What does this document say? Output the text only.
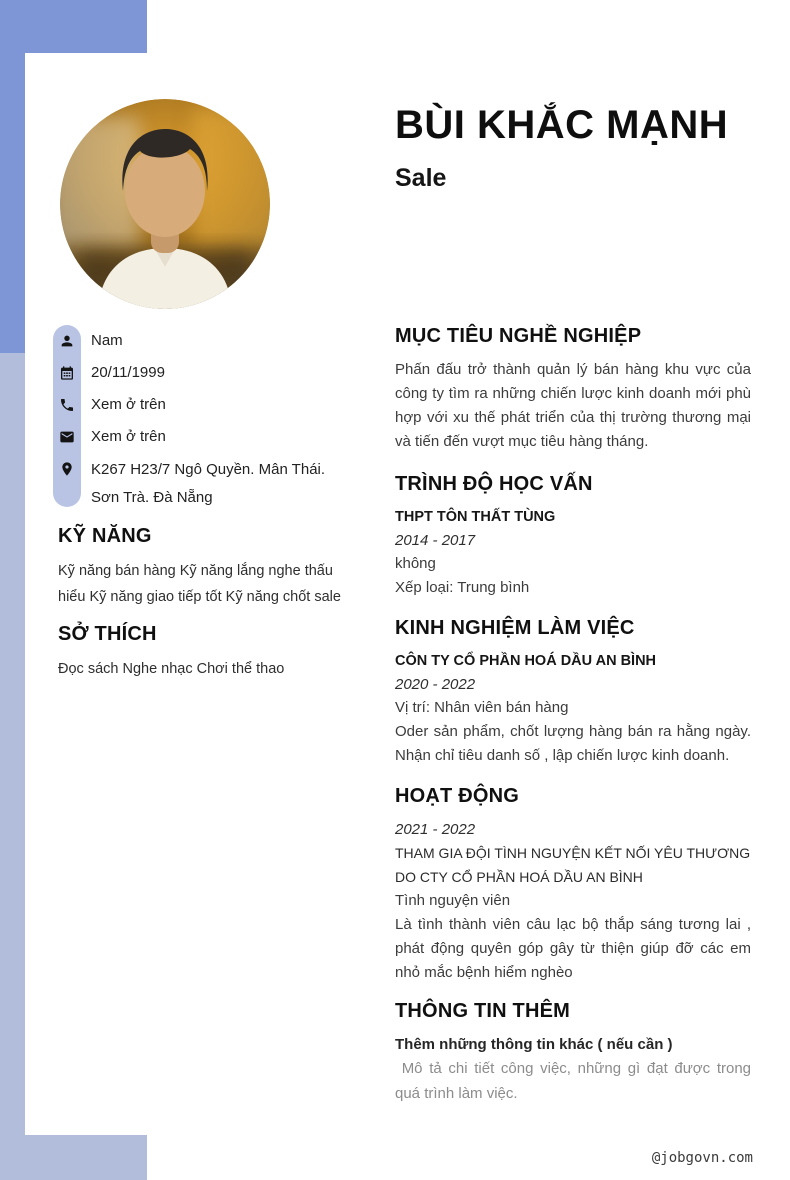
BÙI KHẮC MẠNH
Sale
Nam
20/11/1999
Xem ở trên
Xem ở trên
K267 H23/7 Ngô Quyền. Mân Thái. Sơn Trà. Đà Nẵng
KỸ NĂNG
Kỹ năng bán hàng Kỹ năng lắng nghe thấu hiểu Kỹ năng giao tiếp tốt Kỹ năng chốt sale
SỞ THÍCH
Đọc sách Nghe nhạc Chơi thể thao
MỤC TIÊU NGHỀ NGHIỆP
Phấn đấu trở thành quản lý bán hàng khu vực của công ty tìm ra những chiến lược kinh doanh mới phù hợp với xu thế phát triển của thị trường thương mại và tiến đến vượt mục tiêu hàng tháng.
TRÌNH ĐỘ HỌC VẤN
THPT TÔN THẤT TÙNG
2014 - 2017
không
Xếp loại: Trung bình
KINH NGHIỆM LÀM VIỆC
CÔN TY CỔ PHẦN HOÁ DẦU AN BÌNH
2020 - 2022
Vị trí: Nhân viên bán hàng
Oder sản phẩm, chốt lượng hàng bán ra hằng ngày. Nhận chỉ tiêu danh số , lập chiến lược kinh doanh.
HOẠT ĐỘNG
2021 - 2022
THAM GIA ĐỘI TÌNH NGUYỆN KẾT NỐI YÊU THƯƠNG DO CTY CỔ PHẦN HOÁ DẦU AN BÌNH
Tình nguyện viên
Là tình thành viên câu lạc bộ thắp sáng tương lai , phát động quyên góp gây từ thiện giúp đỡ các em nhỏ mắc bệnh hiểm nghèo
THÔNG TIN THÊM
Thêm những thông tin khác ( nếu cần )
Mô tả chi tiết công việc, những gì đạt được trong quá trình làm việc.
@jobgovn.com
